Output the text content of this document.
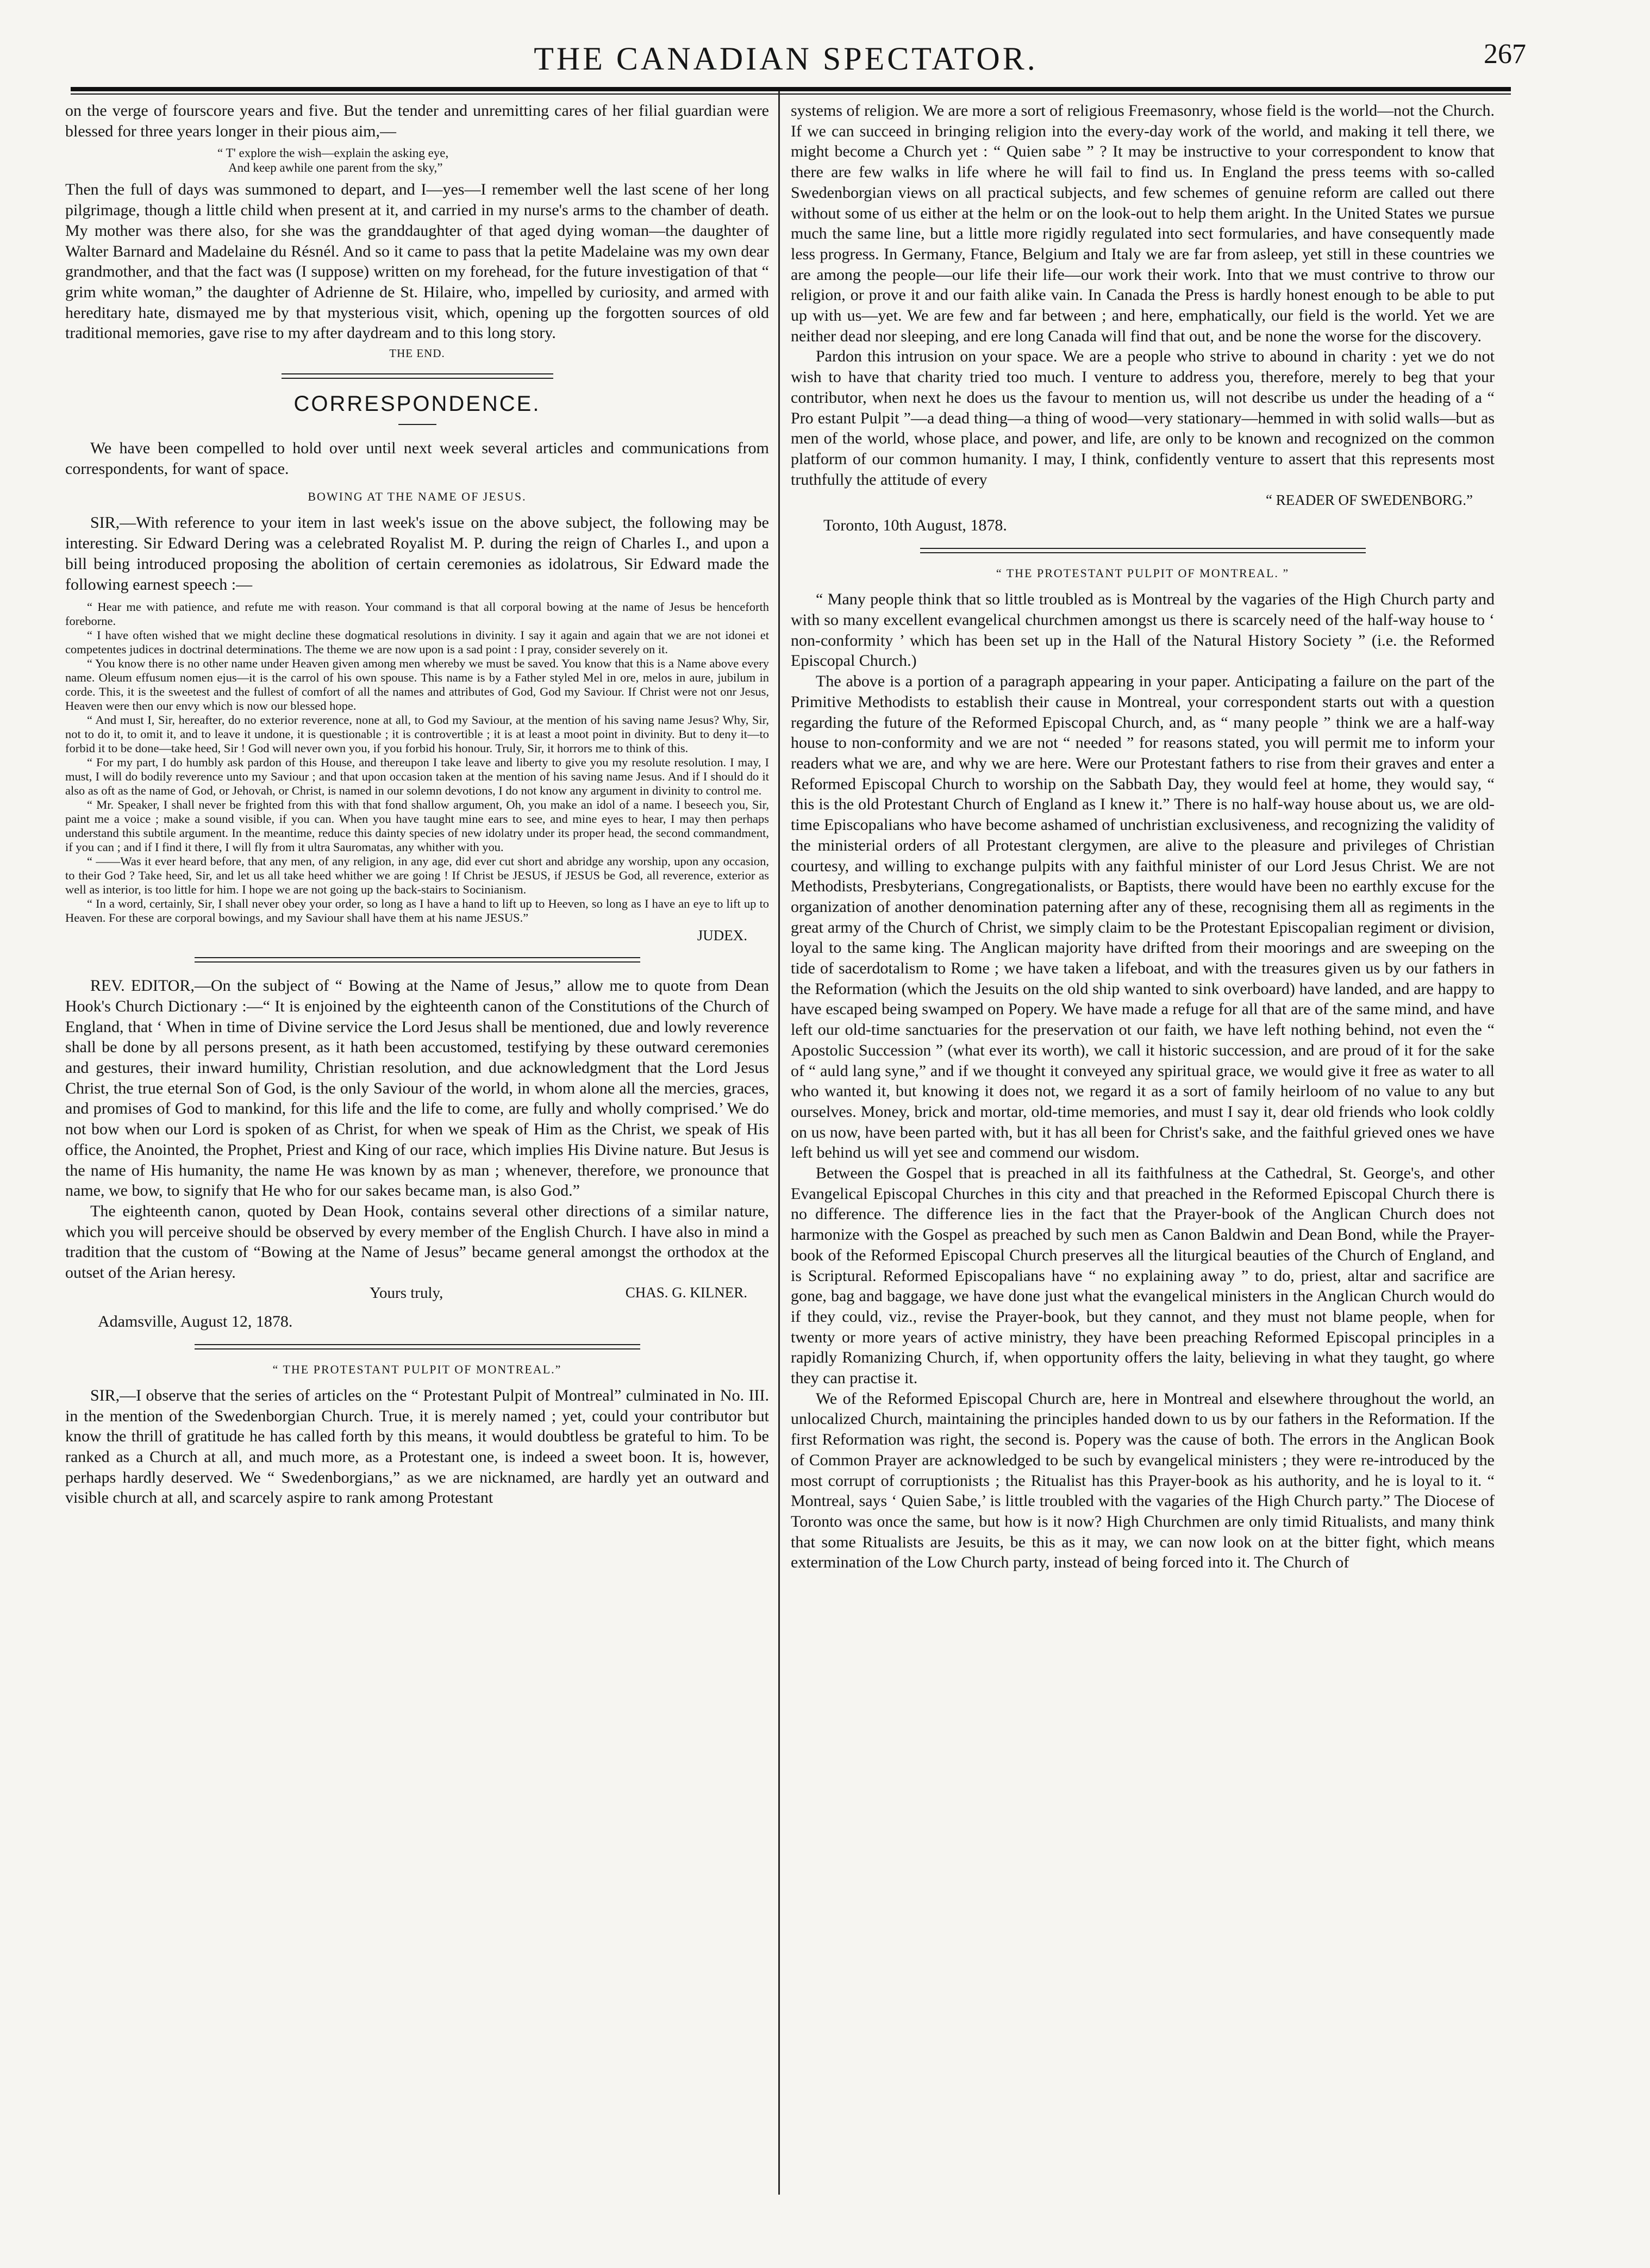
THE CANADIAN SPECTATOR.	267

on the verge of fourscore years and five. But the tender and unremitting cares of her filial guardian were blessed for three years longer in their pious aim,—

“ T' explore the wish—explain the asking eye,
And keep awhile one parent from the sky,”

Then the full of days was summoned to depart, and I—yes—I remember well the last scene of her long pilgrimage, though a little child when present at it, and carried in my nurse's arms to the chamber of death. My mother was there also, for she was the granddaughter of that aged dying woman—the daughter of Walter Barnard and Madelaine du Résnél. And so it came to pass that la petite Madelaine was my own dear grandmother, and that the fact was (I suppose) written on my forehead, for the future investigation of that “ grim white woman,” the daughter of Adrienne de St. Hilaire, who, impelled by curiosity, and armed with hereditary hate, dismayed me by that mysterious visit, which, opening up the forgotten sources of old traditional memories, gave rise to my after daydream and to this long story.

THE END.
CORRESPONDENCE.

We have been compelled to hold over until next week several articles and communications from correspondents, for want of space.

BOWING AT THE NAME OF JESUS.

SIR,—With reference to your item in last week's issue on the above subject, the following may be interesting. Sir Edward Dering was a celebrated Royalist M. P. during the reign of Charles I., and upon a bill being introduced proposing the abolition of certain ceremonies as idolatrous, Sir Edward made the following earnest speech :—

“ Hear me with patience, and refute me with reason. Your command is that all corporal bowing at the name of Jesus be henceforth foreborne.

“ I have often wished that we might decline these dogmatical resolutions in divinity. I say it again and again that we are not idonei et competentes judices in doctrinal determinations. The theme we are now upon is a sad point : I pray, consider severely on it.

“ You know there is no other name under Heaven given among men whereby we must be saved. You know that this is a Name above every name. Oleum effusum nomen ejus—it is the carrol of his own spouse. This name is by a Father styled Mel in ore, melos in aure, jubilum in corde. This, it is the sweetest and the fullest of comfort of all the names and attributes of God, God my Saviour. If Christ were not onr Jesus, Heaven were then our envy which is now our blessed hope.

“ And must I, Sir, hereafter, do no exterior reverence, none at all, to God my Saviour, at the mention of his saving name Jesus? Why, Sir, not to do it, to omit it, and to leave it undone, it is questionable ; it is controvertible ; it is at least a moot point in divinity. But to deny it—to forbid it to be done—take heed, Sir ! God will never own you, if you forbid his honour. Truly, Sir, it horrors me to think of this.

“ For my part, I do humbly ask pardon of this House, and thereupon I take leave and liberty to give you my resolute resolution. I may, I must, I will do bodily reverence unto my Saviour ; and that upon occasion taken at the mention of his saving name Jesus. And if I should do it also as oft as the name of God, or Jehovah, or Christ, is named in our solemn devotions, I do not know any argument in divinity to control me.

“ Mr. Speaker, I shall never be frighted from this with that fond shallow argument, Oh, you make an idol of a name. I beseech you, Sir, paint me a voice ; make a sound visible, if you can. When you have taught mine ears to see, and mine eyes to hear, I may then perhaps understand this subtile argument. In the meantime, reduce this dainty species of new idolatry under its proper head, the second commandment, if you can ; and if I find it there, I will fly from it ultra Sauromatas, any whither with you.

“ ——Was it ever heard before, that any men, of any religion, in any age, did ever cut short and abridge any worship, upon any occasion, to their God ? Take heed, Sir, and let us all take heed whither we are going ! If Christ be JESUS, if JESUS be God, all reverence, exterior as well as interior, is too little for him. I hope we are not going up the back-stairs to Socinianism.

“ In a word, certainly, Sir, I shall never obey your order, so long as I have a hand to lift up to Heeven, so long as I have an eye to lift up to Heaven. For these are corporal bowings, and my Saviour shall have them at his name JESUS.”

JUDEX.

REV. EDITOR,—On the subject of “ Bowing at the Name of Jesus,” allow me to quote from Dean Hook's Church Dictionary :—“ It is enjoined by the eighteenth canon of the Constitutions of the Church of England, that ‘ When in time of Divine service the Lord Jesus shall be mentioned, due and lowly reverence shall be done by all persons present, as it hath been accustomed, testifying by these outward ceremonies and gestures, their inward humility, Christian resolution, and due acknowledgment that the Lord Jesus Christ, the true eternal Son of God, is the only Saviour of the world, in whom alone all the mercies, graces, and promises of God to mankind, for this life and the life to come, are fully and wholly comprised.’ We do not bow when our Lord is spoken of as Christ, for when we speak of Him as the Christ, we speak of His office, the Anointed, the Prophet, Priest and King of our race, which implies His Divine nature. But Jesus is the name of His humanity, the name He was known by as man ; whenever, therefore, we pronounce that name, we bow, to signify that He who for our sakes became man, is also God.”

The eighteenth canon, quoted by Dean Hook, contains several other directions of a similar nature, which you will perceive should be observed by every member of the English Church. I have also in mind a tradition that the custom of “Bowing at the Name of Jesus” became general amongst the orthodox at the outset of the Arian heresy.

Yours truly,	CHAS. G. KILNER.
Adamsville, August 12, 1878.
“ THE PROTESTANT PULPIT OF MONTREAL.”

SIR,—I observe that the series of articles on the “ Protestant Pulpit of Montreal” culminated in No. III. in the mention of the Swedenborgian Church. True, it is merely named ; yet, could your contributor but know the thrill of gratitude he has called forth by this means, it would doubtless be grateful to him. To be ranked as a Church at all, and much more, as a Protestant one, is indeed a sweet boon. It is, however, perhaps hardly deserved. We “ Swedenborgians,” as we are nicknamed, are hardly yet an outward and visible church at all, and scarcely aspire to rank among Protestant

systems of religion. We are more a sort of religious Freemasonry, whose field is the world—not the Church. If we can succeed in bringing religion into the every-day work of the world, and making it tell there, we might become a Church yet : “ Quien sabe ” ? It may be instructive to your correspondent to know that there are few walks in life where he will fail to find us. In England the press teems with so-called Swedenborgian views on all practical subjects, and few schemes of genuine reform are called out there without some of us either at the helm or on the look-out to help them aright. In the United States we pursue much the same line, but a little more rigidly regulated into sect formularies, and have consequently made less progress. In Germany, Ftance, Belgium and Italy we are far from asleep, yet still in these countries we are among the people—our life their life—our work their work. Into that we must contrive to throw our religion, or prove it and our faith alike vain. In Canada the Press is hardly honest enough to be able to put up with us—yet. We are few and far between ; and here, emphatically, our field is the world. Yet we are neither dead nor sleeping, and ere long Canada will find that out, and be none the worse for the discovery.

Pardon this intrusion on your space. We are a people who strive to abound in charity : yet we do not wish to have that charity tried too much. I venture to address you, therefore, merely to beg that your contributor, when next he does us the favour to mention us, will not describe us under the heading of a “ Pro estant Pulpit ”—a dead thing—a thing of wood—very stationary—hemmed in with solid walls—but as men of the world, whose place, and power, and life, are only to be known and recognized on the common platform of our common humanity. I may, I think, confidently venture to assert that this represents most truthfully the attitude of every

“ READER OF SWEDENBORG.”
Toronto, 10th August, 1878.
“ THE PROTESTANT PULPIT OF MONTREAL. ”

“ Many people think that so little troubled as is Montreal by the vagaries of the High Church party and with so many excellent evangelical churchmen amongst us there is scarcely need of the half-way house to ‘ non-conformity ’ which has been set up in the Hall of the Natural History Society ” (i.e. the Reformed Episcopal Church.)

The above is a portion of a paragraph appearing in your paper. Anticipating a failure on the part of the Primitive Methodists to establish their cause in Montreal, your correspondent starts out with a question regarding the future of the Reformed Episcopal Church, and, as “ many people ” think we are a half-way house to non-conformity and we are not “ needed ” for reasons stated, you will permit me to inform your readers what we are, and why we are here. Were our Protestant fathers to rise from their graves and enter a Reformed Episcopal Church to worship on the Sabbath Day, they would feel at home, they would say, “ this is the old Protestant Church of England as I knew it.” There is no half-way house about us, we are old-time Episcopalians who have become ashamed of unchristian exclusiveness, and recognizing the validity of the ministerial orders of all Protestant clergymen, are alive to the pleasure and privileges of Christian courtesy, and willing to exchange pulpits with any faithful minister of our Lord Jesus Christ. We are not Methodists, Presbyterians, Congregationalists, or Baptists, there would have been no earthly excuse for the organization of another denomination paterning after any of these, recognising them all as regiments in the great army of the Church of Christ, we simply claim to be the Protestant Episcopalian regiment or division, loyal to the same king. The Anglican majority have drifted from their moorings and are sweeping on the tide of sacerdotalism to Rome ; we have taken a lifeboat, and with the treasures given us by our fathers in the Reformation (which the Jesuits on the old ship wanted to sink overboard) have landed, and are happy to have escaped being swamped on Popery. We have made a refuge for all that are of the same mind, and have left our old-time sanctuaries for the preservation ot our faith, we have left nothing behind, not even the “ Apostolic Succession ” (what ever its worth), we call it historic succession, and are proud of it for the sake of “ auld lang syne,” and if we thought it conveyed any spiritual grace, we would give it free as water to all who wanted it, but knowing it does not, we regard it as a sort of family heirloom of no value to any but ourselves. Money, brick and mortar, old-time memories, and must I say it, dear old friends who look coldly on us now, have been parted with, but it has all been for Christ's sake, and the faithful grieved ones we have left behind us will yet see and commend our wisdom.

Between the Gospel that is preached in all its faithfulness at the Cathedral, St. George's, and other Evangelical Episcopal Churches in this city and that preached in the Reformed Episcopal Church there is no difference. The difference lies in the fact that the Prayer-book of the Anglican Church does not harmonize with the Gospel as preached by such men as Canon Baldwin and Dean Bond, while the Prayer-book of the Reformed Episcopal Church preserves all the liturgical beauties of the Church of England, and is Scriptural. Reformed Episcopalians have “ no explaining away ” to do, priest, altar and sacrifice are gone, bag and baggage, we have done just what the evangelical ministers in the Anglican Church would do if they could, viz., revise the Prayer-book, but they cannot, and they must not blame people, when for twenty or more years of active ministry, they have been preaching Reformed Episcopal principles in a rapidly Romanizing Church, if, when opportunity offers the laity, believing in what they taught, go where they can practise it.

We of the Reformed Episcopal Church are, here in Montreal and elsewhere throughout the world, an unlocalized Church, maintaining the principles handed down to us by our fathers in the Reformation. If the first Reformation was right, the second is. Popery was the cause of both. The errors in the Anglican Book of Common Prayer are acknowledged to be such by evangelical ministers ; they were re-introduced by the most corrupt of corruptionists ; the Ritualist has this Prayer-book as his authority, and he is loyal to it. “ Montreal, says ‘ Quien Sabe,’ is little troubled with the vagaries of the High Church party.” The Diocese of Toronto was once the same, but how is it now? High Churchmen are only timid Ritualists, and many think that some Ritualists are Jesuits, be this as it may, we can now look on at the bitter fight, which means extermination of the Low Church party, instead of being forced into it. The Church of
